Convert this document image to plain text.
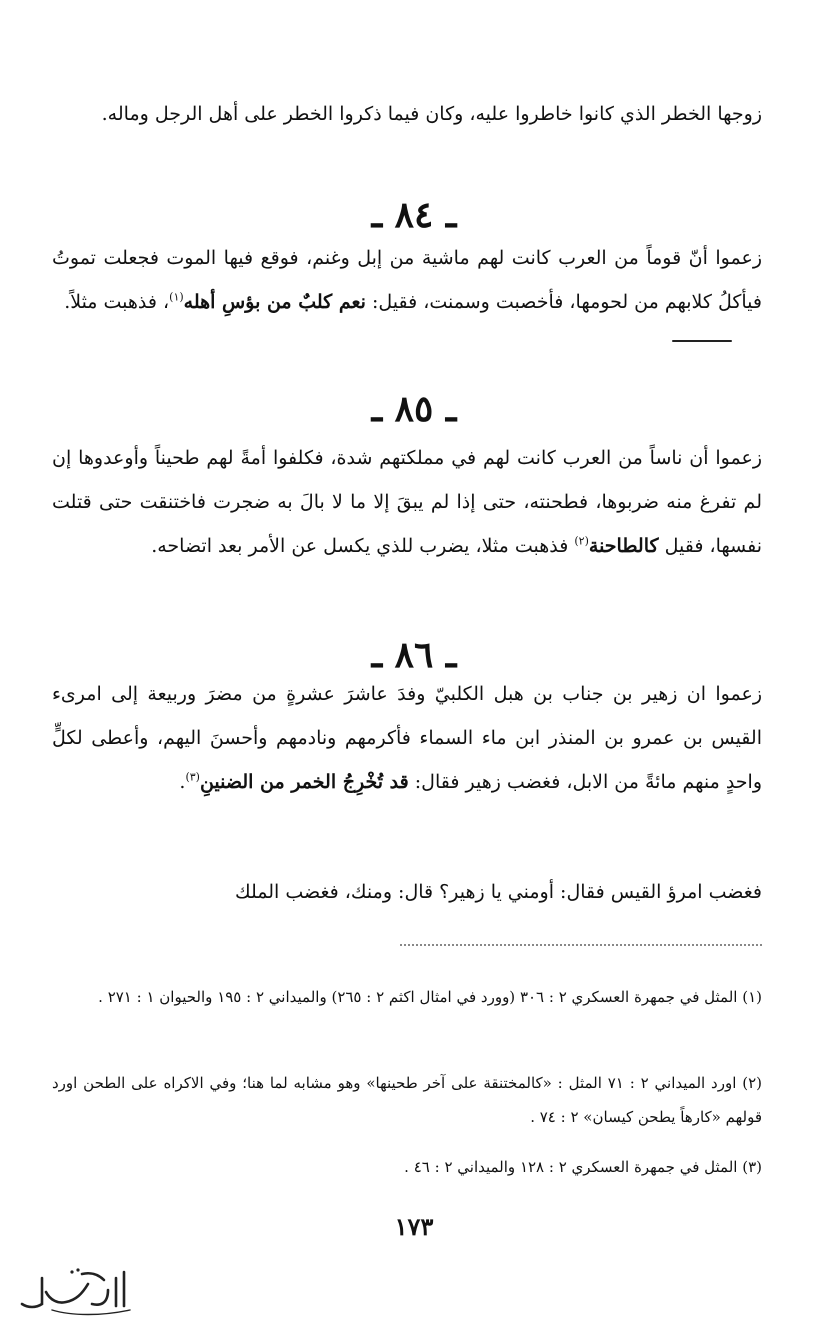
زوجها الخطر الذي كانوا خاطروا عليه، وكان فيما ذكروا الخطر على أهل الرجل وماله.
ـ ٨٤ ـ
زعموا أنّ قوماً من العرب كانت لهم ماشية من إبل وغنم، فوقع فيها الموت فجعلت تموتُ فيأكلُ كلابهم من لحومها، فأخصبت وسمنت، فقيل: نعم كلبٌ من بؤسِ أهله$^{(١)}$، فذهبت مثلاً.
ـ ٨٥ ـ
زعموا أن ناساً من العرب كانت لهم في مملكتهم شدة، فكلفوا أمةً لهم طحيناً وأوعدوها إن لم تفرغ منه ضربوها، فطحنته، حتى إذا لم يبقَ إلا ما لا بالَ به ضجرت فاختنقت حتى قتلت نفسها، فقيل كالطاحنة$^{(٢)}$ فذهبت مثلا، يضرب للذي يكسل عن الأمر بعد اتضاحه.
ـ ٨٦ ـ
زعموا ان زهير بن جناب بن هبل الكلبيّ وفدَ عاشرَ عشرةٍ من مضرَ وربيعة إلى امرىء القيس بن عمرو بن المنذر ابن ماء السماء فأكرمهم ونادمهم وأحسنَ اليهم، وأعطى لكلٍّ واحدٍ منهم مائةً من الابل، فغضب زهير فقال: قد تُخْرِجُ الخمر من الضنينِ$^{(٣)}$.
فغضب امرؤ القيس فقال: أومني يا زهير؟ قال: ومنك، فغضب الملك
(١) المثل في جمهرة العسكري ٢ : ٣٠٦ (وورد في امثال اكثم ٢ : ٢٦٥) والميداني ٢ : ١٩٥ والحيوان ١ : ٢٧١ .
(٢) اورد الميداني ٢ : ٧١ المثل : «كالمختنقة على آخر طحينها» وهو مشابه لما هنا؛ وفي الاكراه على الطحن اورد قولهم «كارهاً يطحن كيسان» ٢ : ٧٤ .
(٣) المثل في جمهرة العسكري ٢ : ١٢٨ والميداني ٢ : ٤٦ .
١٧٣
